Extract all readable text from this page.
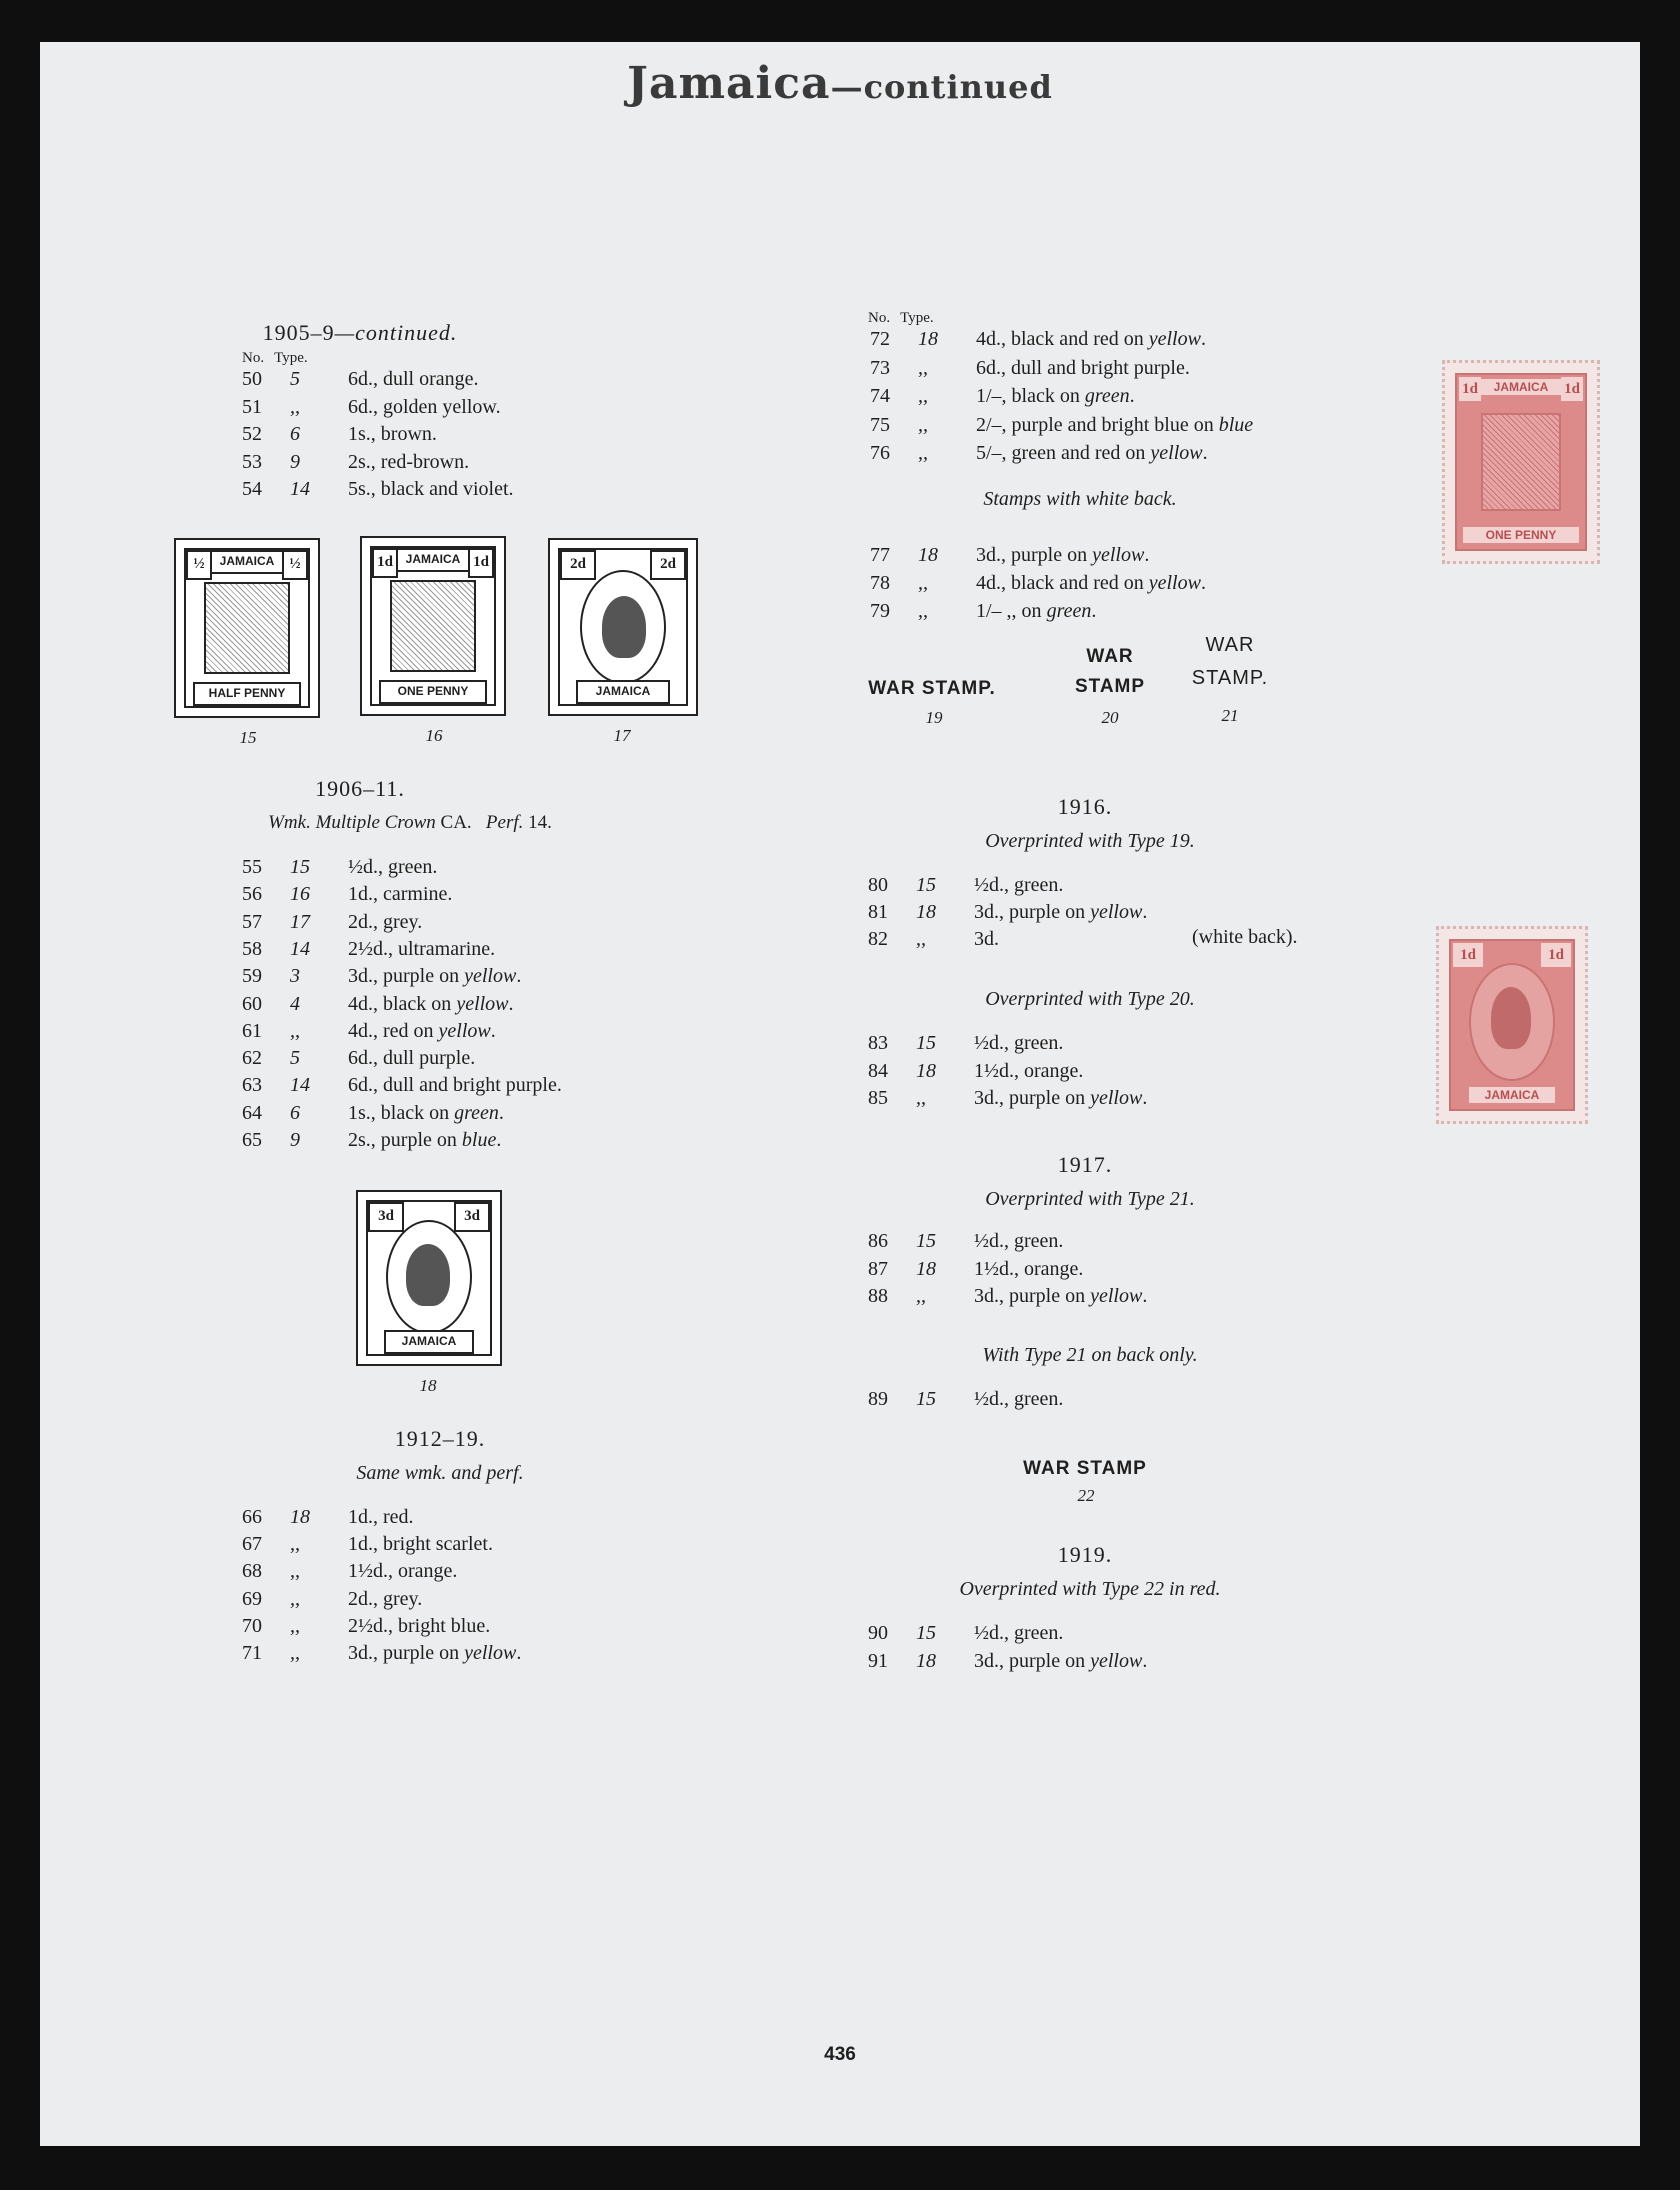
Jamaica—continued
1905–9—continued.
No. Type.
50	5	6d., dull orange.
51	,,	6d., golden yellow.
52	6	1s., brown.
53	9	2s., red-brown.
54	14	5s., black and violet.
JAMAICA
½	½
HALF PENNY
15
JAMAICA
1d	1d
ONE PENNY
16
2d	2d
JAMAICA
17
1906–11.
Wmk. Multiple Crown CA. Perf. 14.
55	15	½d., green.
56	16	1d., carmine.
57	17	2d., grey.
58	14	2½d., ultramarine.
59	3	3d., purple on yellow.
60	4	4d., black on yellow.
61	,,	4d., red on yellow.
62	5	6d., dull purple.
63	14	6d., dull and bright purple.
64	6	1s., black on green.
65	9	2s., purple on blue.
3d	3d
JAMAICA
18
1912–19.
Same wmk. and perf.
66	18	1d., red.
67	,,	1d., bright scarlet.
68	,,	1½d., orange.
69	,,	2d., grey.
70	,,	2½d., bright blue.
71	,,	3d., purple on yellow.
No. Type.
72	18	4d., black and red on yellow.
73	,,	6d., dull and bright purple.
74	,,	1/–, black on green.
75	,,	2/–, purple and bright blue on blue
76	,,	5/–, green and red on yellow.
Stamps with white back.
77	18	3d., purple on yellow.
78	,,	4d., black and red on yellow.
79	,,	1/– ,, on green.
WAR STAMP.
19
WAR
STAMP
20
WAR
STAMP.
21
1916.
Overprinted with Type 19.
80	15	½d., green.
81	18	3d., purple on yellow.
82	,,	3d.	(white back).
Overprinted with Type 20.
83	15	½d., green.
84	18	1½d., orange.
85	,,	3d., purple on yellow.
1917.
Overprinted with Type 21.
86	15	½d., green.
87	18	1½d., orange.
88	,,	3d., purple on yellow.
With Type 21 on back only.
89	15	½d., green.
WAR STAMP
22
1919.
Overprinted with Type 22 in red.
90	15	½d., green.
91	18	3d., purple on yellow.
JAMAICA
1d	1d
ONE PENNY
1d	1d
JAMAICA
436
